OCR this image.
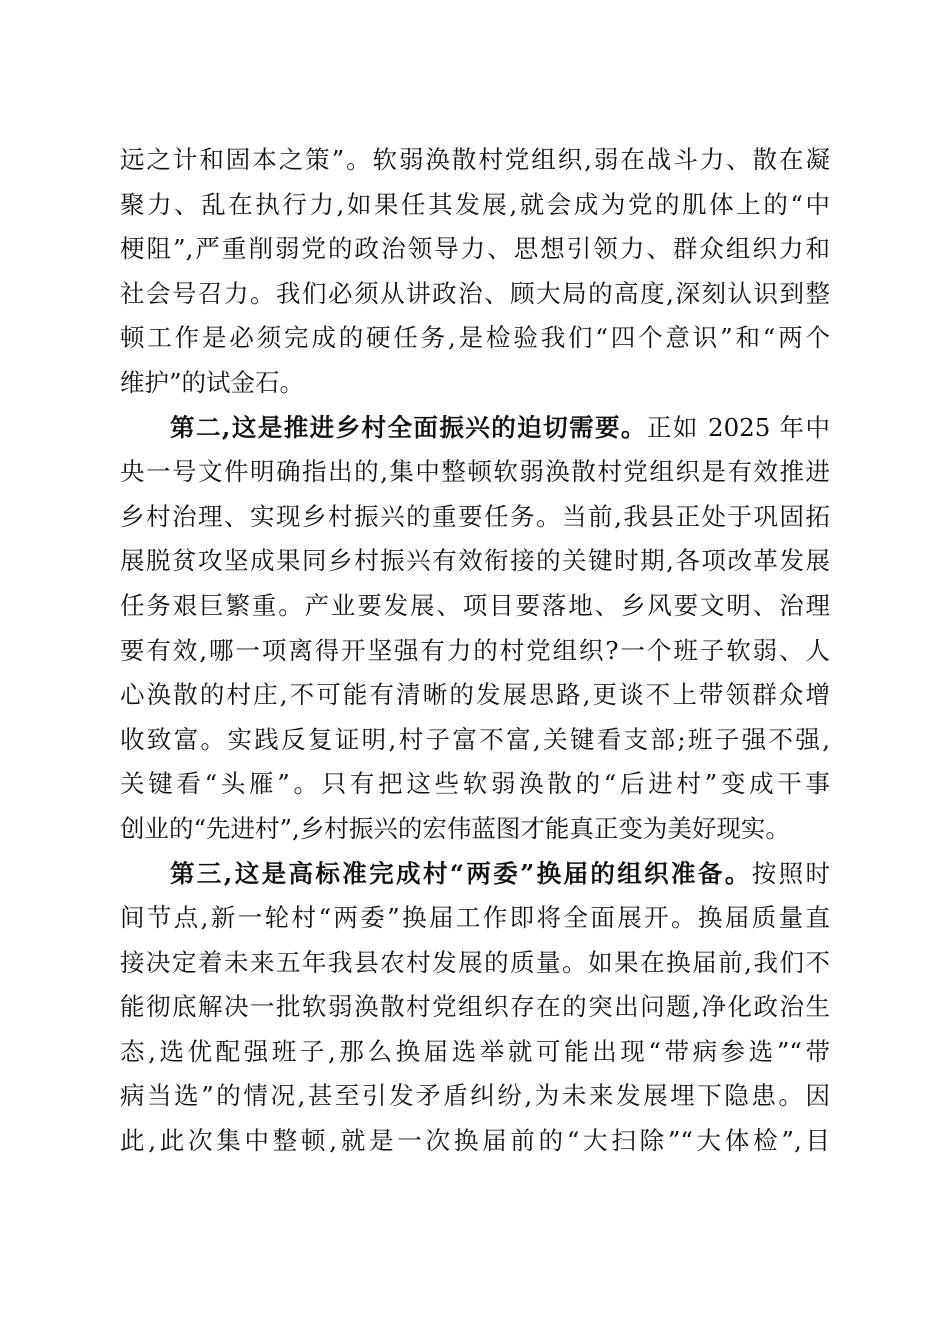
远之计和固本之策”。软弱涣散村党组织,弱在战斗力、散在凝
聚力、乱在执行力,如果任其发展,就会成为党的肌体上的“中
梗阻”,严重削弱党的政治领导力、思想引领力、群众组织力和
社会号召力。我们必须从讲政治、顾大局的高度,深刻认识到整
顿工作是必须完成的硬任务,是检验我们“四个意识”和“两个
维护”的试金石。
第二,这是推进乡村全面振兴的迫切需要。正如 2025 年中
央一号文件明确指出的,集中整顿软弱涣散村党组织是有效推进
乡村治理、实现乡村振兴的重要任务。当前,我县正处于巩固拓
展脱贫攻坚成果同乡村振兴有效衔接的关键时期,各项改革发展
任务艰巨繁重。产业要发展、项目要落地、乡风要文明、治理
要有效,哪一项离得开坚强有力的村党组织?一个班子软弱、人
心涣散的村庄,不可能有清晰的发展思路,更谈不上带领群众增
收致富。实践反复证明,村子富不富,关键看支部;班子强不强,
关键看“头雁”。只有把这些软弱涣散的“后进村”变成干事
创业的“先进村”,乡村振兴的宏伟蓝图才能真正变为美好现实。
第三,这是高标准完成村“两委”换届的组织准备。按照时
间节点,新一轮村“两委”换届工作即将全面展开。换届质量直
接决定着未来五年我县农村发展的质量。如果在换届前,我们不
能彻底解决一批软弱涣散村党组织存在的突出问题,净化政治生
态,选优配强班子,那么换届选举就可能出现“带病参选”“带
病当选”的情况,甚至引发矛盾纠纷,为未来发展埋下隐患。因
此,此次集中整顿,就是一次换届前的“大扫除”“大体检”,目
